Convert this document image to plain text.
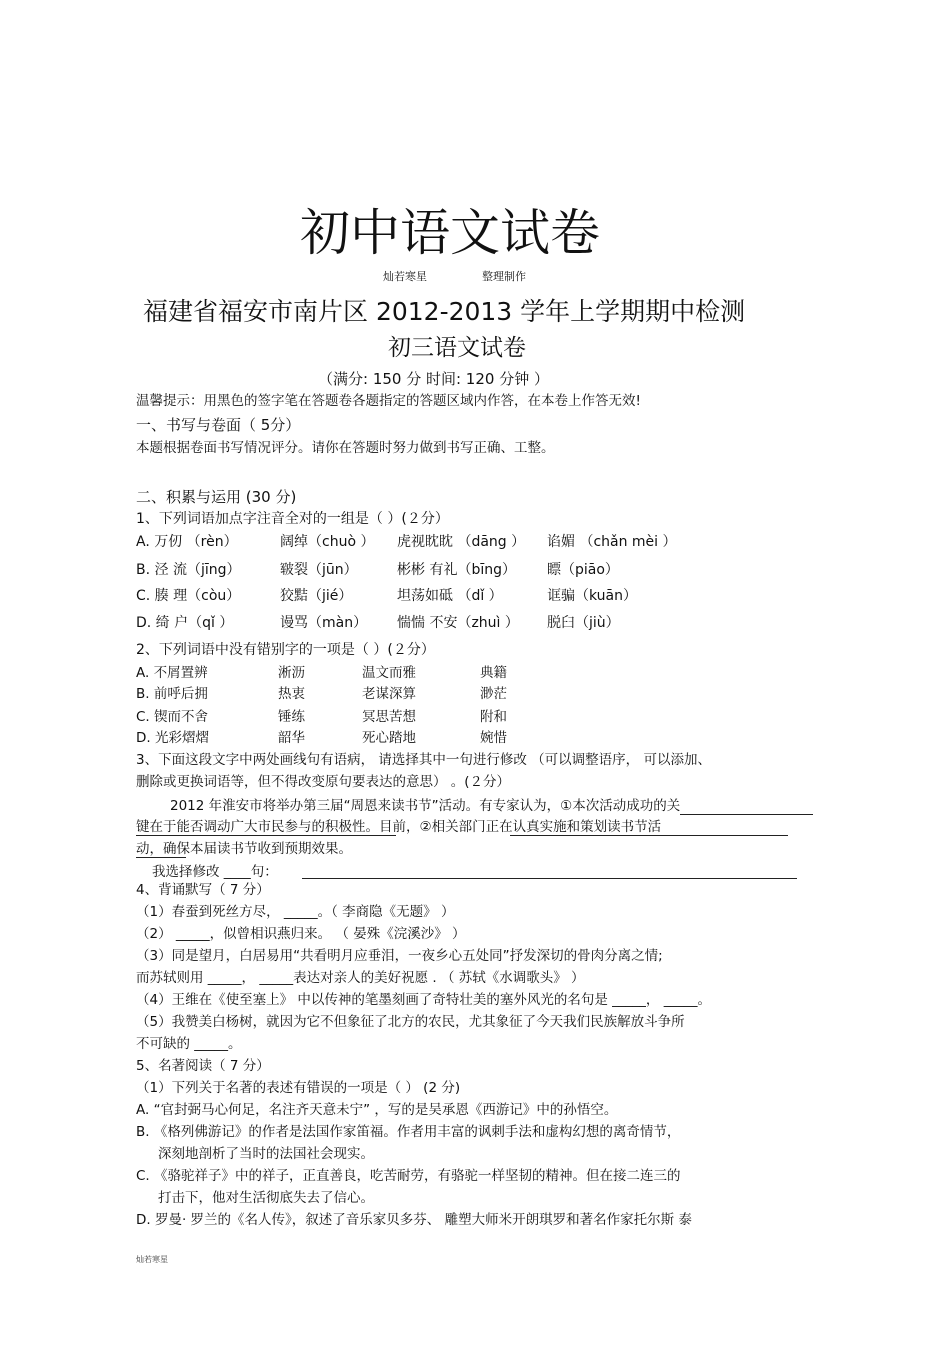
初中语文试卷
灿若寒星	整理制作
福建省福安市南片区 2012-2013 学年上学期期中检测
初三语文试卷
（满分: 150 分 时间: 120 分钟 ）
温馨提示：用黑色的签字笔在答题卷各题指定的答题区域内作答，在本卷上作答无效!
一、书写与卷面（ 5分）
本题根据卷面书写情况评分。请你在答题时努力做到书写正确、工整。
二、积累与运用 (30 分)
1、下列词语加点字注音全对的一组是（ ）(２分）
A. 万仞 （rèn）	阔绰（chuò ） 虎视眈眈 （dāng ） 谄媚 （chǎn mèi ）
B. 泾 流（jīng）	皲裂（jūn）	彬彬 有礼（bīng） 瞟（piāo）
C. 腠 理（còu）	狡黠（jié）	坦荡如砥 （dǐ ）	诓骗（kuān）
D. 绮 户（qǐ ）	谩骂（màn） 惴惴 不安（zhuì ） 脱臼（jiù）
2、下列词语中没有错别字的一项是（ ）(２分）
A. 不屑置辨	淅沥	温文而雅	典籍
B. 前呼后拥	热衷	老谋深算	渺茫
C. 锲而不舍	锤练	冥思苦想	附和
D. 光彩熠熠	韶华	死心踏地	婉惜
3、下面这段文字中两处画线句有语病， 请选择其中一句进行修改 （可以调整语序， 可以添加、
删除或更换词语等，但不得改变原句要表达的意思） 。(２分）
2012 年淮安市将举办第三届“周恩来读书节”活动。有专家认为，①本次活动成功的关
键在于能否调动广大市民参与的积极性。目前，②相关部门正在认真实施和策划读书节活
动，确保本届读书节收到预期效果。
我选择修改 ____句：
4、背诵默写（ 7 分）
（1）春蚕到死丝方尽， _____。（ 李商隐《无题》 ）
（2） _____，似曾相识燕归来。 （ 晏殊《浣溪沙》 ）
（3）同是望月，白居易用“共看明月应垂泪，一夜乡心五处同”抒发深切的骨肉分离之情;
而苏轼则用 _____， _____表达对亲人的美好祝愿 . （ 苏轼《水调歌头》 ）
（4）王维在《使至塞上》 中以传神的笔墨刻画了奇特壮美的塞外风光的名句是 _____， _____。
（5）我赞美白杨树，就因为它不但象征了北方的农民，尤其象征了今天我们民族解放斗争所
不可缺的 _____。
5、名著阅读（ 7 分）
（1）下列关于名著的表述有错误的一项是（ ） (2 分)
A. “官封弼马心何足，名注齐天意未宁” ，写的是吴承恩《西游记》中的孙悟空。
B. 《格列佛游记》的作者是法国作家笛福。作者用丰富的讽刺手法和虚构幻想的离奇情节，
深刻地剖析了当时的法国社会现实。
C. 《骆驼祥子》中的祥子，正直善良，吃苦耐劳，有骆驼一样坚韧的精神。但在接二连三的
打击下，他对生活彻底失去了信心。
D. 罗曼· 罗兰的《名人传》，叙述了音乐家贝多芬、 雕塑大师米开朗琪罗和著名作家托尔斯 泰
灿若寒星
